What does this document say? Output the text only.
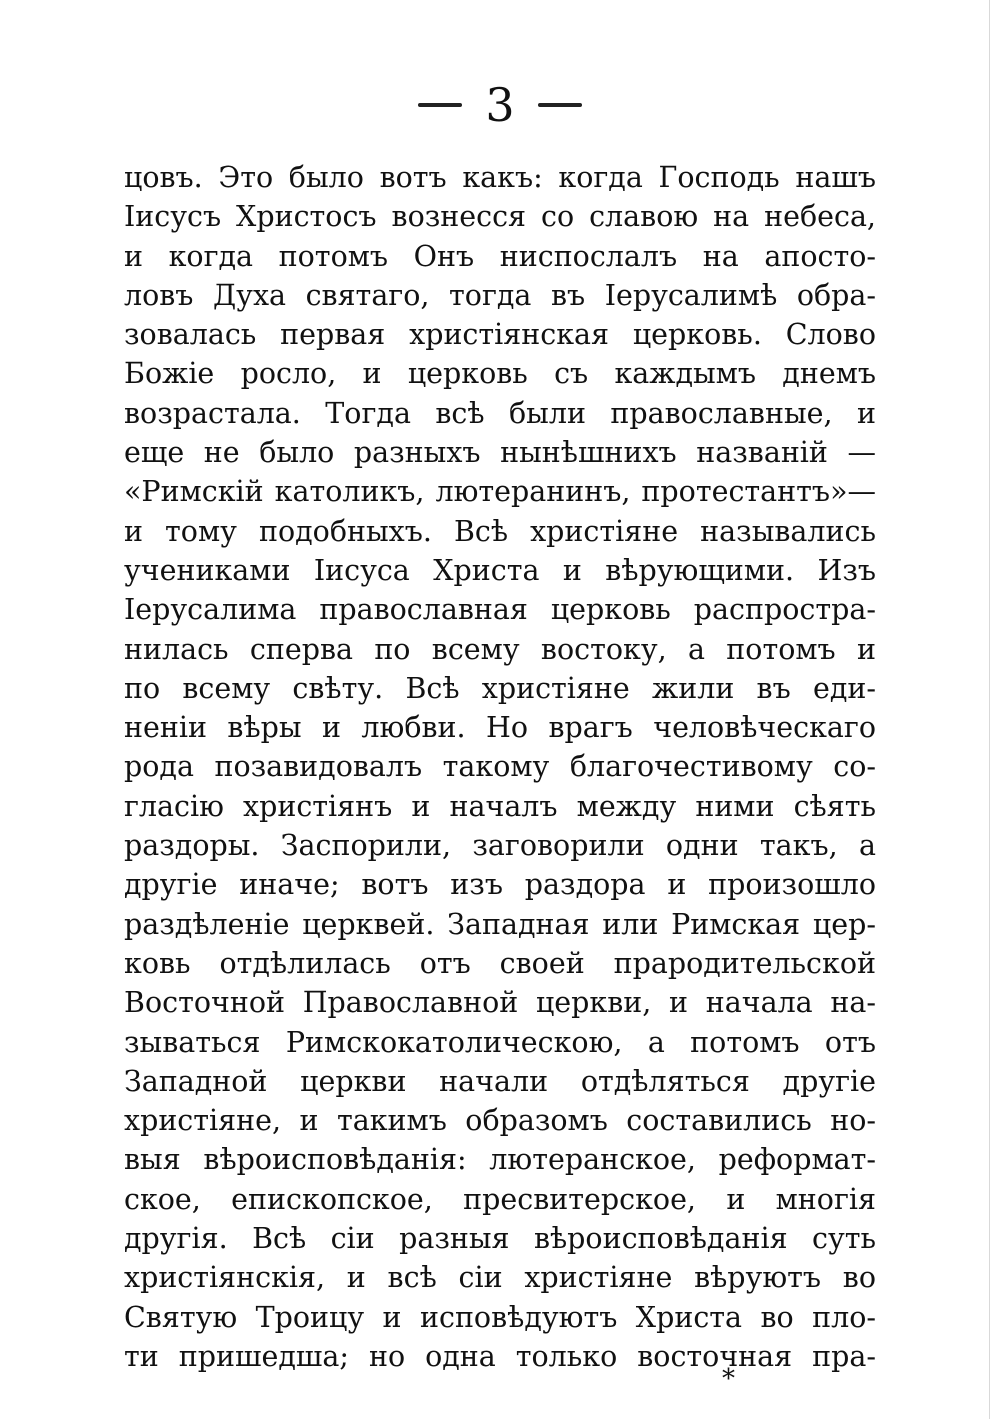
3
цовъ. Это было вотъ какъ: когда Господь нашъ
Іисусъ Христосъ вознесся со славою на небеса,
и когда потомъ Онъ ниспослалъ на апосто-
ловъ Духа святаго, тогда въ Іерусалимѣ обра-
зовалась первая христіянская церковь. Слово
Божіе росло, и церковь съ каждымъ днемъ
возрастала. Тогда всѣ были православные, и
еще не было разныхъ нынѣшнихъ названій —
«Римскій католикъ, лютеранинъ, протестантъ»—
и тому подобныхъ. Всѣ христіяне назывались
учениками Іисуса Христа и вѣрующими. Изъ
Іерусалима православная церковь распростра-
нилась сперва по всему востоку, а потомъ и
по всему свѣту. Всѣ христіяне жили въ еди-
неніи вѣры и любви. Но врагъ человѣческаго
рода позавидовалъ такому благочестивому со-
гласію христіянъ и началъ между ними сѣять
раздоры. Заспорили, заговорили одни такъ, а
другіе иначе; вотъ изъ раздора и произошло
раздѣленіе церквей. Западная или Римская цер-
ковь отдѣлилась отъ своей прародительской
Восточной Православной церкви, и начала на-
зываться Римскокатолическою, а потомъ отъ
Западной церкви начали отдѣляться другіе
христіяне, и такимъ образомъ составились но-
выя вѣроисповѣданія: лютеранское, реформат-
ское, епископское, пресвитерское, и многія
другія. Всѣ сіи разныя вѣроисповѣданія суть
христіянскія, и всѣ сіи христіяне вѣруютъ во
Святую Троицу и исповѣдуютъ Христа во пло-
ти пришедша; но одна только восточная пра-
*
